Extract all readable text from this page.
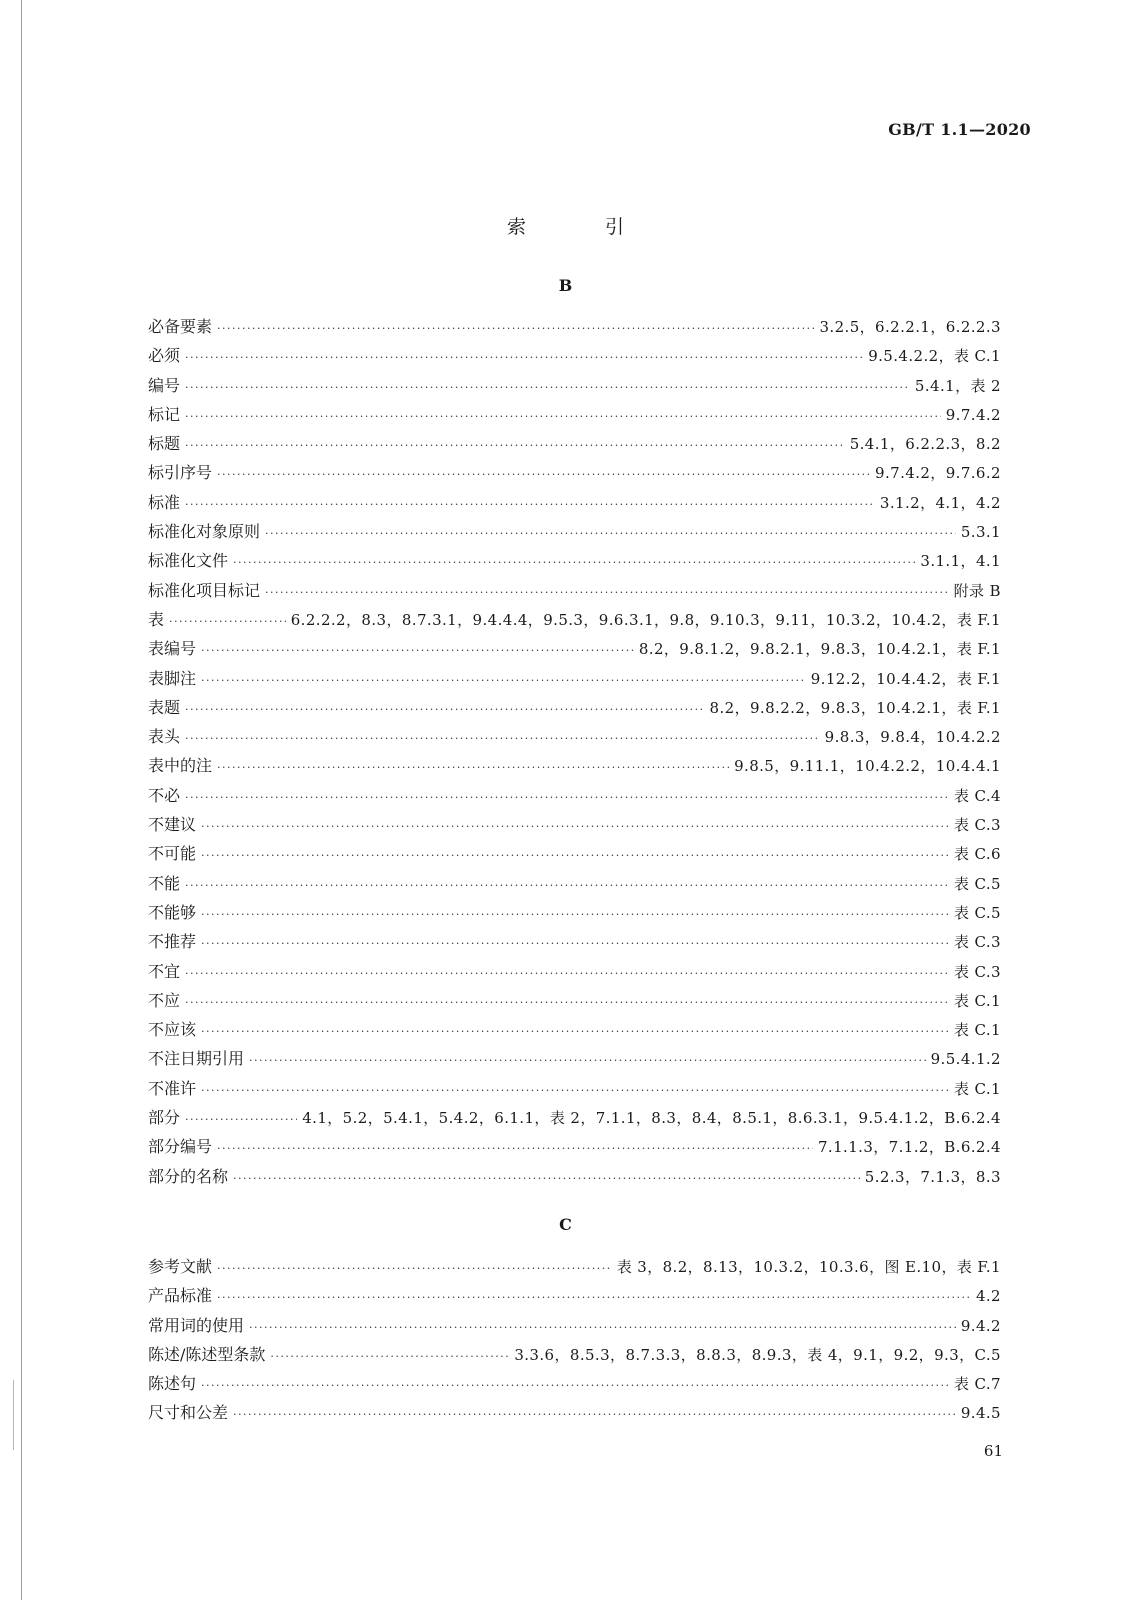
GB/T 1.1—2020
索　引
B
必备要素 ·····	3.2.5，6.2.2.1，6.2.2.3
必须 ·····	9.5.4.2.2，表 C.1
编号 ·····	5.4.1，表 2
标记 ·····	9.7.4.2
标题 ·····	5.4.1，6.2.2.3，8.2
标引序号 ·····	9.7.4.2，9.7.6.2
标准 ·····	3.1.2，4.1，4.2
标准化对象原则 ·····	5.3.1
标准化文件 ·····	3.1.1，4.1
标准化项目标记 ·····	附录 B
表 ·····	6.2.2.2，8.3，8.7.3.1，9.4.4.4，9.5.3，9.6.3.1，9.8，9.10.3，9.11，10.3.2，10.4.2，表 F.1
表编号 ·····	8.2，9.8.1.2，9.8.2.1，9.8.3，10.4.2.1，表 F.1
表脚注 ·····	9.12.2，10.4.4.2，表 F.1
表题 ·····	8.2，9.8.2.2，9.8.3，10.4.2.1，表 F.1
表头 ·····	9.8.3，9.8.4，10.4.2.2
表中的注 ·····	9.8.5，9.11.1，10.4.2.2，10.4.4.1
不必 ·····	表 C.4
不建议 ·····	表 C.3
不可能 ·····	表 C.6
不能 ·····	表 C.5
不能够 ·····	表 C.5
不推荐 ·····	表 C.3
不宜 ·····	表 C.3
不应 ·····	表 C.1
不应该 ·····	表 C.1
不注日期引用 ·····	9.5.4.1.2
不准许 ·····	表 C.1
部分 ·····	4.1，5.2，5.4.1，5.4.2，6.1.1，表 2，7.1.1，8.3，8.4，8.5.1，8.6.3.1，9.5.4.1.2，B.6.2.4
部分编号 ·····	7.1.1.3，7.1.2，B.6.2.4
部分的名称 ·····	5.2.3，7.1.3，8.3
C
参考文献 ·····	表 3，8.2，8.13，10.3.2，10.3.6，图 E.10，表 F.1
产品标准 ·····	4.2
常用词的使用 ·····	9.4.2
陈述/陈述型条款 ·····	3.3.6，8.5.3，8.7.3.3，8.8.3，8.9.3，表 4，9.1，9.2，9.3，C.5
陈述句 ·····	表 C.7
尺寸和公差 ·····	9.4.5
61
